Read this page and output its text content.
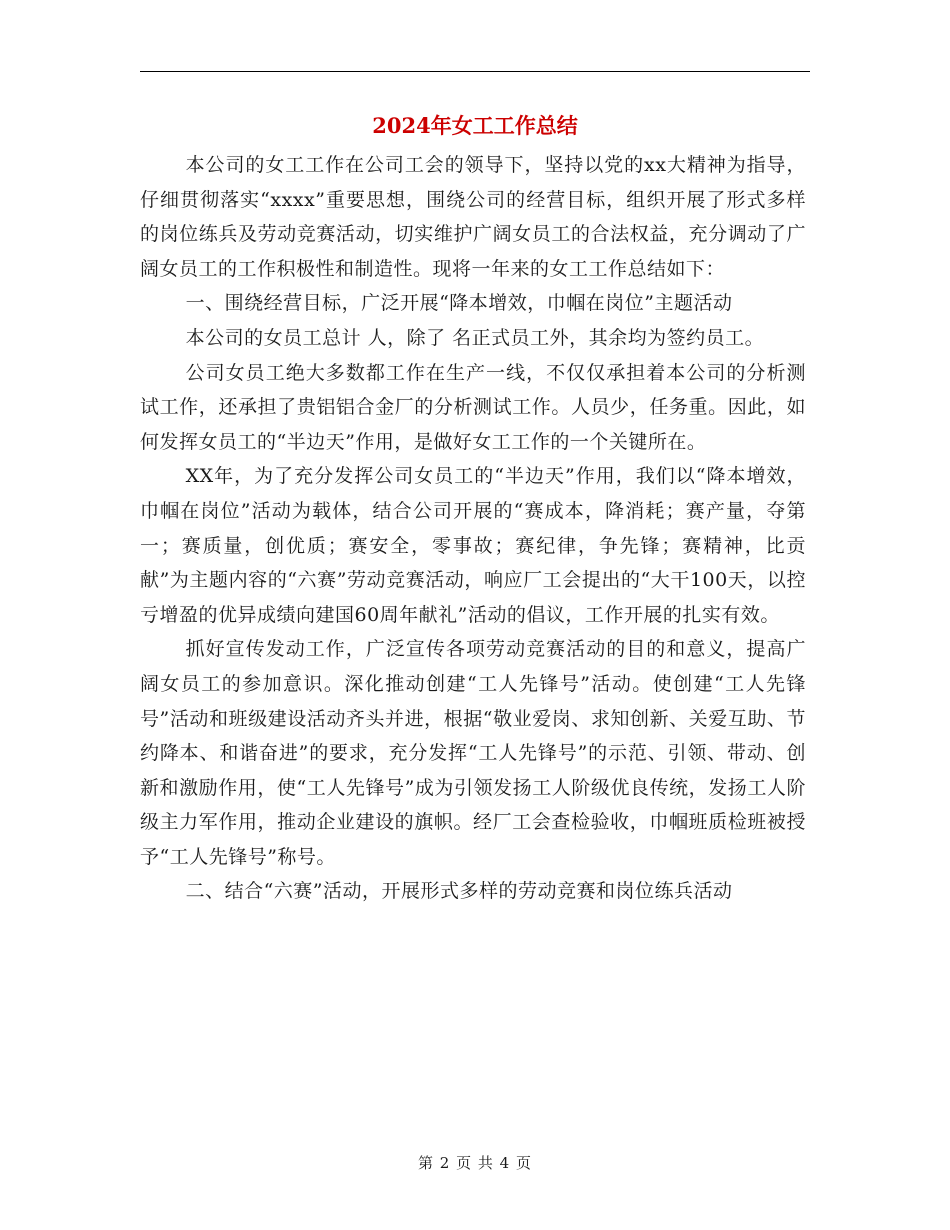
2024年女工工作总结

本公司的女工工作在公司工会的领导下，坚持以党的xx大精神为指导，仔细贯彻落实“xxxx”重要思想，围绕公司的经营目标，组织开展了形式多样的岗位练兵及劳动竞赛活动，切实维护广阔女员工的合法权益，充分调动了广阔女员工的工作积极性和制造性。现将一年来的女工工作总结如下：

一、围绕经营目标，广泛开展“降本增效，巾帼在岗位”主题活动

本公司的女员工总计 人，除了 名正式员工外，其余均为签约员工。

公司女员工绝大多数都工作在生产一线，不仅仅承担着本公司的分析测试工作，还承担了贵铝铝合金厂的分析测试工作。人员少，任务重。因此，如何发挥女员工的“半边天”作用，是做好女工工作的一个关键所在。

XX年，为了充分发挥公司女员工的“半边天”作用，我们以“降本增效，巾帼在岗位”活动为载体，结合公司开展的“赛成本，降消耗；赛产量，夺第一；赛质量，创优质；赛安全，零事故；赛纪律，争先锋；赛精神，比贡献”为主题内容的“六赛”劳动竞赛活动，响应厂工会提出的“大干100天，以控亏增盈的优异成绩向建国60周年献礼”活动的倡议，工作开展的扎实有效。

抓好宣传发动工作，广泛宣传各项劳动竞赛活动的目的和意义，提高广阔女员工的参加意识。深化推动创建“工人先锋号”活动。使创建“工人先锋号”活动和班级建设活动齐头并进，根据“敬业爱岗、求知创新、关爱互助、节约降本、和谐奋进”的要求，充分发挥“工人先锋号”的示范、引领、带动、创新和激励作用，使“工人先锋号”成为引领发扬工人阶级优良传统，发扬工人阶级主力军作用，推动企业建设的旗帜。经厂工会查检验收，巾帼班质检班被授予“工人先锋号”称号。

二、结合“六赛”活动，开展形式多样的劳动竞赛和岗位练兵活动

第 2 页 共 4 页
